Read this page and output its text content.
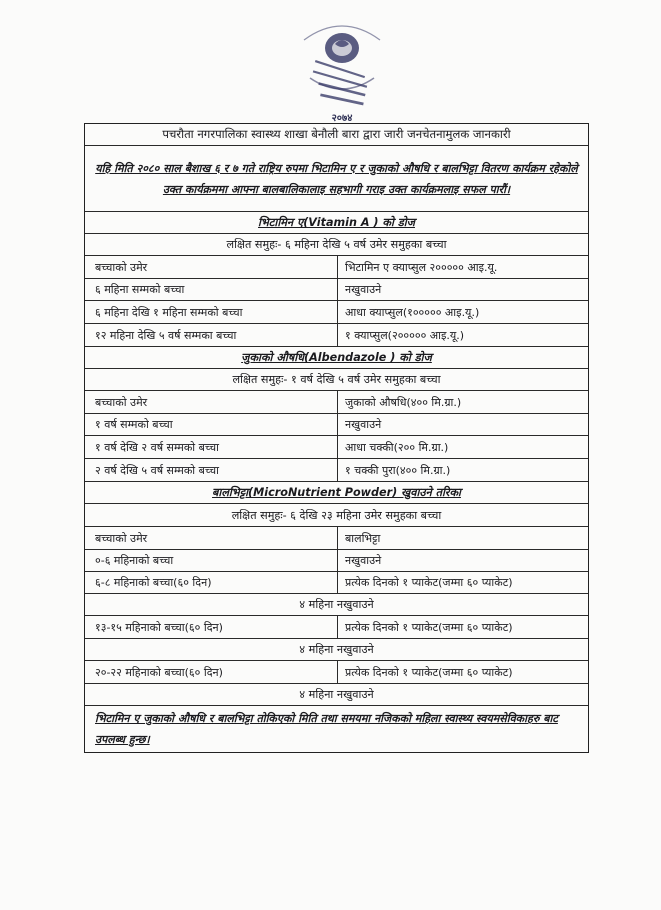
२०७४
पचरौता नगरपालिका स्वास्थ्य शाखा बेनौली बारा द्वारा जारी जनचेतनामुलक जानकारी
यहि मिति २०८० साल बैशाख ६ र ७ गते राष्ट्रिय रुपमा भिटामिन ए र जुकाको औषधि र बालभिट्टा वितरण कार्यक्रम रहेकोले उक्त कार्यक्रममा आफ्ना बालबालिकालाइ सहभागी गराइ उक्त कार्यक्रमलाइ सफल पारौं।
भिटामिन ए(Vitamin A ) को डोज
लक्षित समुहः- ६ महिना देखि ५ वर्ष उमेर समुहका बच्चा
बच्चाको उमेर	भिटामिन ए क्याप्सुल २००००० आइ.यू.
६ महिना सम्मको बच्चा	नखुवाउने
६ महिना देखि १ महिना सम्मको बच्चा	आधा क्याप्सुल(१००००० आइ.यू.)
१२ महिना देखि ५ वर्ष सम्मका बच्चा	१ क्याप्सुल(२००००० आइ.यू.)
जुकाको औषधि(Albendazole ) को डोज
लक्षित समुहः- १ वर्ष देखि ५ वर्ष उमेर समुहका बच्चा
बच्चाको उमेर	जुकाको औषधि(४०० मि.ग्रा.)
१ वर्ष सम्मको बच्चा	नखुवाउने
१ वर्ष देखि २ वर्ष सम्मको बच्चा	आधा चक्की(२०० मि.ग्रा.)
२ वर्ष देखि ५ वर्ष सम्मको बच्चा	१ चक्की पुरा(४०० मि.ग्रा.)
बालभिट्टा(MicroNutrient Powder) खुवाउने तरिका
लक्षित समुहः- ६ देखि २३ महिना उमेर समुहका बच्चा
बच्चाको उमेर	बालभिट्टा
०-६ महिनाको बच्चा	नखुवाउने
६-८ महिनाको बच्चा(६० दिन)	प्रत्येक दिनको १ प्याकेट(जम्मा ६० प्याकेट)
४ महिना नखुवाउने
१३-१५ महिनाको बच्चा(६० दिन)	प्रत्येक दिनको १ प्याकेट(जम्मा ६० प्याकेट)
४ महिना नखुवाउने
२०-२२ महिनाको बच्चा(६० दिन)	प्रत्येक दिनको १ प्याकेट(जम्मा ६० प्याकेट)
४ महिना नखुवाउने
भिटामिन ए जुकाको औषधि र बालभिट्टा तोकिएको मिति तथा समयमा नजिकको महिला स्वास्थ्य स्वयमसेविकाहरु बाट उपलब्ध हुन्छ।
